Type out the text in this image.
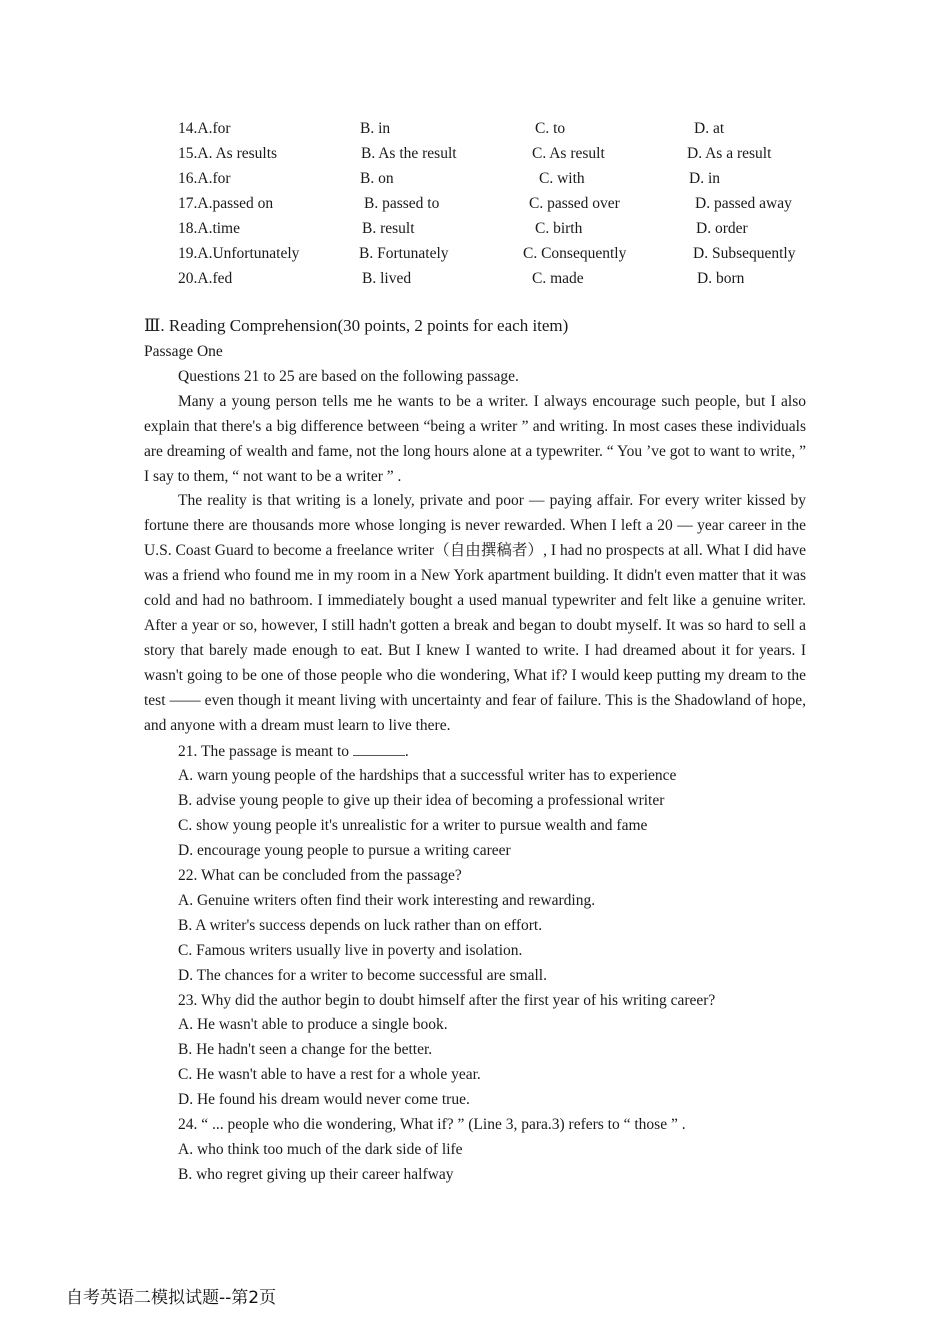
14.A.for	B. in	C. to	D. at
15.A. As results	B. As the result	C. As result	D. As a result
16.A.for	B. on	C. with	D. in
17.A.passed on	B. passed to	C. passed over	D. passed away
18.A.time	B. result	C. birth	D. order
19.A.Unfortunately	B. Fortunately	C. Consequently	D. Subsequently
20.A.fed	B. lived	C. made	D. born
Ⅲ. Reading Comprehension(30 points, 2 points for each item)
Passage One
Questions 21 to 25 are based on the following passage.

Many a young person tells me he wants to be a writer. I always encourage such people, but I also explain that there's a big difference between “being a writer ” and writing. In most cases these individuals are dreaming of wealth and fame, not the long hours alone at a typewriter. “ You ’ve got to want to write, ” I say to them, “ not want to be a writer ” .

The reality is that writing is a lonely, private and poor — paying affair. For every writer kissed by fortune there are thousands more whose longing is never rewarded. When I left a 20 — year career in the U.S. Coast Guard to become a freelance writer（自由撰稿者）, I had no prospects at all. What I did have was a friend who found me in my room in a New York apartment building. It didn't even matter that it was cold and had no bathroom. I immediately bought a used manual typewriter and felt like a genuine writer. After a year or so, however, I still hadn't gotten a break and began to doubt myself. It was so hard to sell a story that barely made enough to eat. But I knew I wanted to write. I had dreamed about it for years. I wasn't going to be one of those people who die wondering, What if? I would keep putting my dream to the test —— even though it meant living with uncertainty and fear of failure. This is the Shadowland of hope, and anyone with a dream must learn to live there.

21. The passage is meant to	.
A. warn young people of the hardships that a successful writer has to experience
B. advise young people to give up their idea of becoming a professional writer
C. show young people it's unrealistic for a writer to pursue wealth and fame
D. encourage young people to pursue a writing career
22. What can be concluded from the passage?
A. Genuine writers often find their work interesting and rewarding.
B. A writer's success depends on luck rather than on effort.
C. Famous writers usually live in poverty and isolation.
D. The chances for a writer to become successful are small.
23. Why did the author begin to doubt himself after the first year of his writing career?
A. He wasn't able to produce a single book.
B. He hadn't seen a change for the better.
C. He wasn't able to have a rest for a whole year.
D. He found his dream would never come true.
24. “ ... people who die wondering, What if? ” (Line 3, para.3) refers to “ those ” .
A. who think too much of the dark side of life
B. who regret giving up their career halfway
自考英语二模拟试题--第2页
